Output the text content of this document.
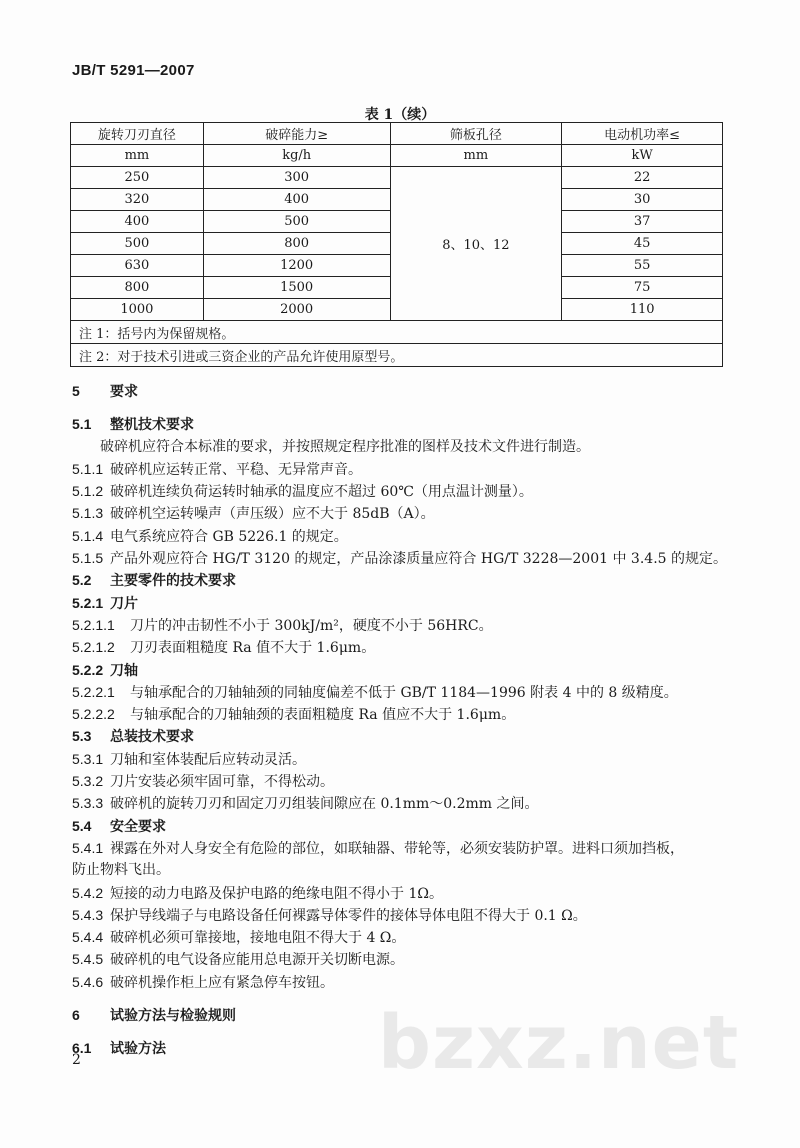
JB/T 5291—2007
表 1（续）
旋转刀刃直径	破碎能力≥	筛板孔径	电动机功率≤
mm	kg/h	mm	kW
250	300	8、10、12	22
320	400		30
400	500		37
500	800		45
630	1200		55
800	1500		75
1000	2000		110
注 1：括号内为保留规格。			
注 2：对于技术引进或三资企业的产品允许使用原型号。			
5 要求
5.1 整机技术要求
破碎机应符合本标准的要求，并按照规定程序批准的图样及技术文件进行制造。
5.1.1 破碎机应运转正常、平稳、无异常声音。
5.1.2 破碎机连续负荷运转时轴承的温度应不超过 60℃（用点温计测量）。
5.1.3 破碎机空运转噪声（声压级）应不大于 85dB（A）。
5.1.4 电气系统应符合 GB 5226.1 的规定。
5.1.5 产品外观应符合 HG/T 3120 的规定，产品涂漆质量应符合 HG/T 3228—2001 中 3.4.5 的规定。
5.2 主要零件的技术要求
5.2.1 刀片
5.2.1.1 刀片的冲击韧性不小于 300kJ/m²，硬度不小于 56HRC。
5.2.1.2 刀刃表面粗糙度 Ra 值不大于 1.6μm。
5.2.2 刀轴
5.2.2.1 与轴承配合的刀轴轴颈的同轴度偏差不低于 GB/T 1184—1996 附表 4 中的 8 级精度。
5.2.2.2 与轴承配合的刀轴轴颈的表面粗糙度 Ra 值应不大于 1.6μm。
5.3 总装技术要求
5.3.1 刀轴和室体装配后应转动灵活。
5.3.2 刀片安装必须牢固可靠，不得松动。
5.3.3 破碎机的旋转刀刃和固定刀刃组装间隙应在 0.1mm～0.2mm 之间。
5.4 安全要求
5.4.1 裸露在外对人身安全有危险的部位，如联轴器、带轮等，必须安装防护罩。进料口须加挡板，
防止物料飞出。
5.4.2 短接的动力电路及保护电路的绝缘电阻不得小于 1Ω。
5.4.3 保护导线端子与电路设备任何裸露导体零件的接体导体电阻不得大于 0.1 Ω。
5.4.4 破碎机必须可靠接地，接地电阻不得大于 4 Ω。
5.4.5 破碎机的电气设备应能用总电源开关切断电源。
5.4.6 破碎机操作柜上应有紧急停车按钮。
6 试验方法与检验规则
6.1 试验方法	bzxz.net
2
